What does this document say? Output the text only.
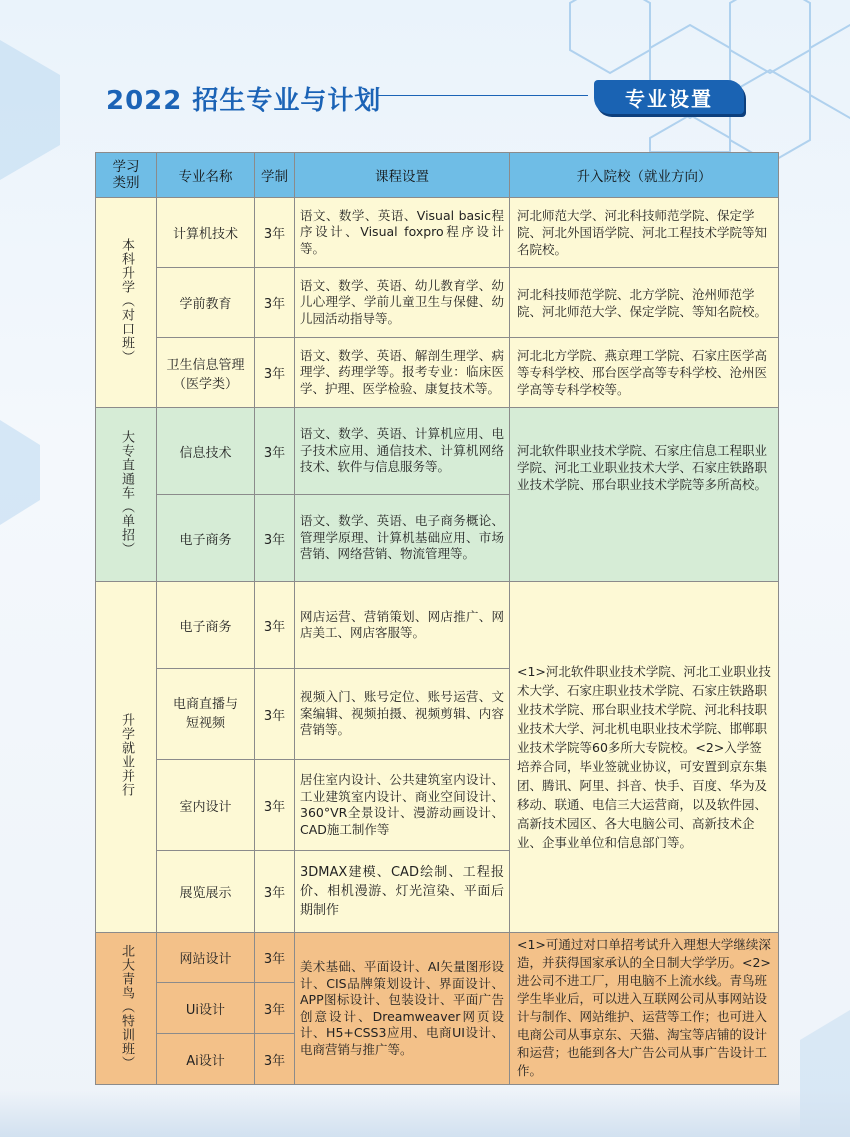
2022 招生专业与计划	专业设置
学习类别	专业名称	学制	课程设置	升入院校（就业方向）
本科升学（对口班）	计算机技术	3年	语文、数学、英语、Visual basic程序设计、Visual foxpro程序设计等。	河北师范大学、河北科技师范学院、保定学院、河北外国语学院、河北工程技术学院等知名院校。
	学前教育	3年	语文、数学、英语、幼儿教育学、幼儿心理学、学前儿童卫生与保健、幼儿园活动指导等。	河北科技师范学院、北方学院、沧州师范学院、河北师范大学、保定学院、等知名院校。
	卫生信息管理（医学类）	3年	语文、数学、英语、解剖生理学、病理学、药理学等。报考专业：临床医学、护理、医学检验、康复技术等。	河北北方学院、燕京理工学院、石家庄医学高等专科学校、邢台医学高等专科学校、沧州医学高等专科学校等。
大专直通车（单招）	信息技术	3年	语文、数学、英语、计算机应用、电子技术应用、通信技术、计算机网络技术、软件与信息服务等。	河北软件职业技术学院、石家庄信息工程职业学院、河北工业职业技术大学、石家庄铁路职业技术学院、邢台职业技术学院等多所高校。
	电子商务	3年	语文、数学、英语、电子商务概论、管理学原理、计算机基础应用、市场营销、网络营销、物流管理等。	
升学就业并行	电子商务	3年	网店运营、营销策划、网店推广、网店美工、网店客服等。	<1>河北软件职业技术学院、河北工业职业技术大学、石家庄职业技术学院、石家庄铁路职业技术学院、邢台职业技术学院、河北科技职业技术大学、河北机电职业技术学院、邯郸职业技术学院等60多所大专院校。<2>入学签培养合同，毕业签就业协议，可安置到京东集团、腾讯、阿里、抖音、快手、百度、华为及移动、联通、电信三大运营商，以及软件园、高新技术园区、各大电脑公司、高新技术企业、企事业单位和信息部门等。

	电商直播与短视频	3年	视频入门、账号定位、账号运营、文案编辑、视频拍摄、视频剪辑、内容营销等。	
	室内设计	3年	居住室内设计、公共建筑室内设计、工业建筑室内设计、商业空间设计、360°VR全景设计、漫游动画设计、CAD施工制作等	
	展览展示	3年	3DMAX建模、CAD绘制、工程报价、相机漫游、灯光渲染、平面后期制作	
北大青鸟（特训班）	网站设计	3年	美术基础、平面设计、AI矢量图形设计、CIS品牌策划设计、界面设计、APP图标设计、包装设计、平面广告创意设计、Dreamweaver网页设计、H5+CSS3应用、电商UI设计、电商营销与推广等。	<1>可通过对口单招考试升入理想大学继续深造，并获得国家承认的全日制大学学历。<2>进公司不进工厂，用电脑不上流水线。青鸟班学生毕业后，可以进入互联网公司从事网站设计与制作、网站维护、运营等工作；也可进入电商公司从事京东、天猫、淘宝等店铺的设计和运营；也能到各大广告公司从事广告设计工作。
	Ui设计	3年		
	Ai设计	3年		
